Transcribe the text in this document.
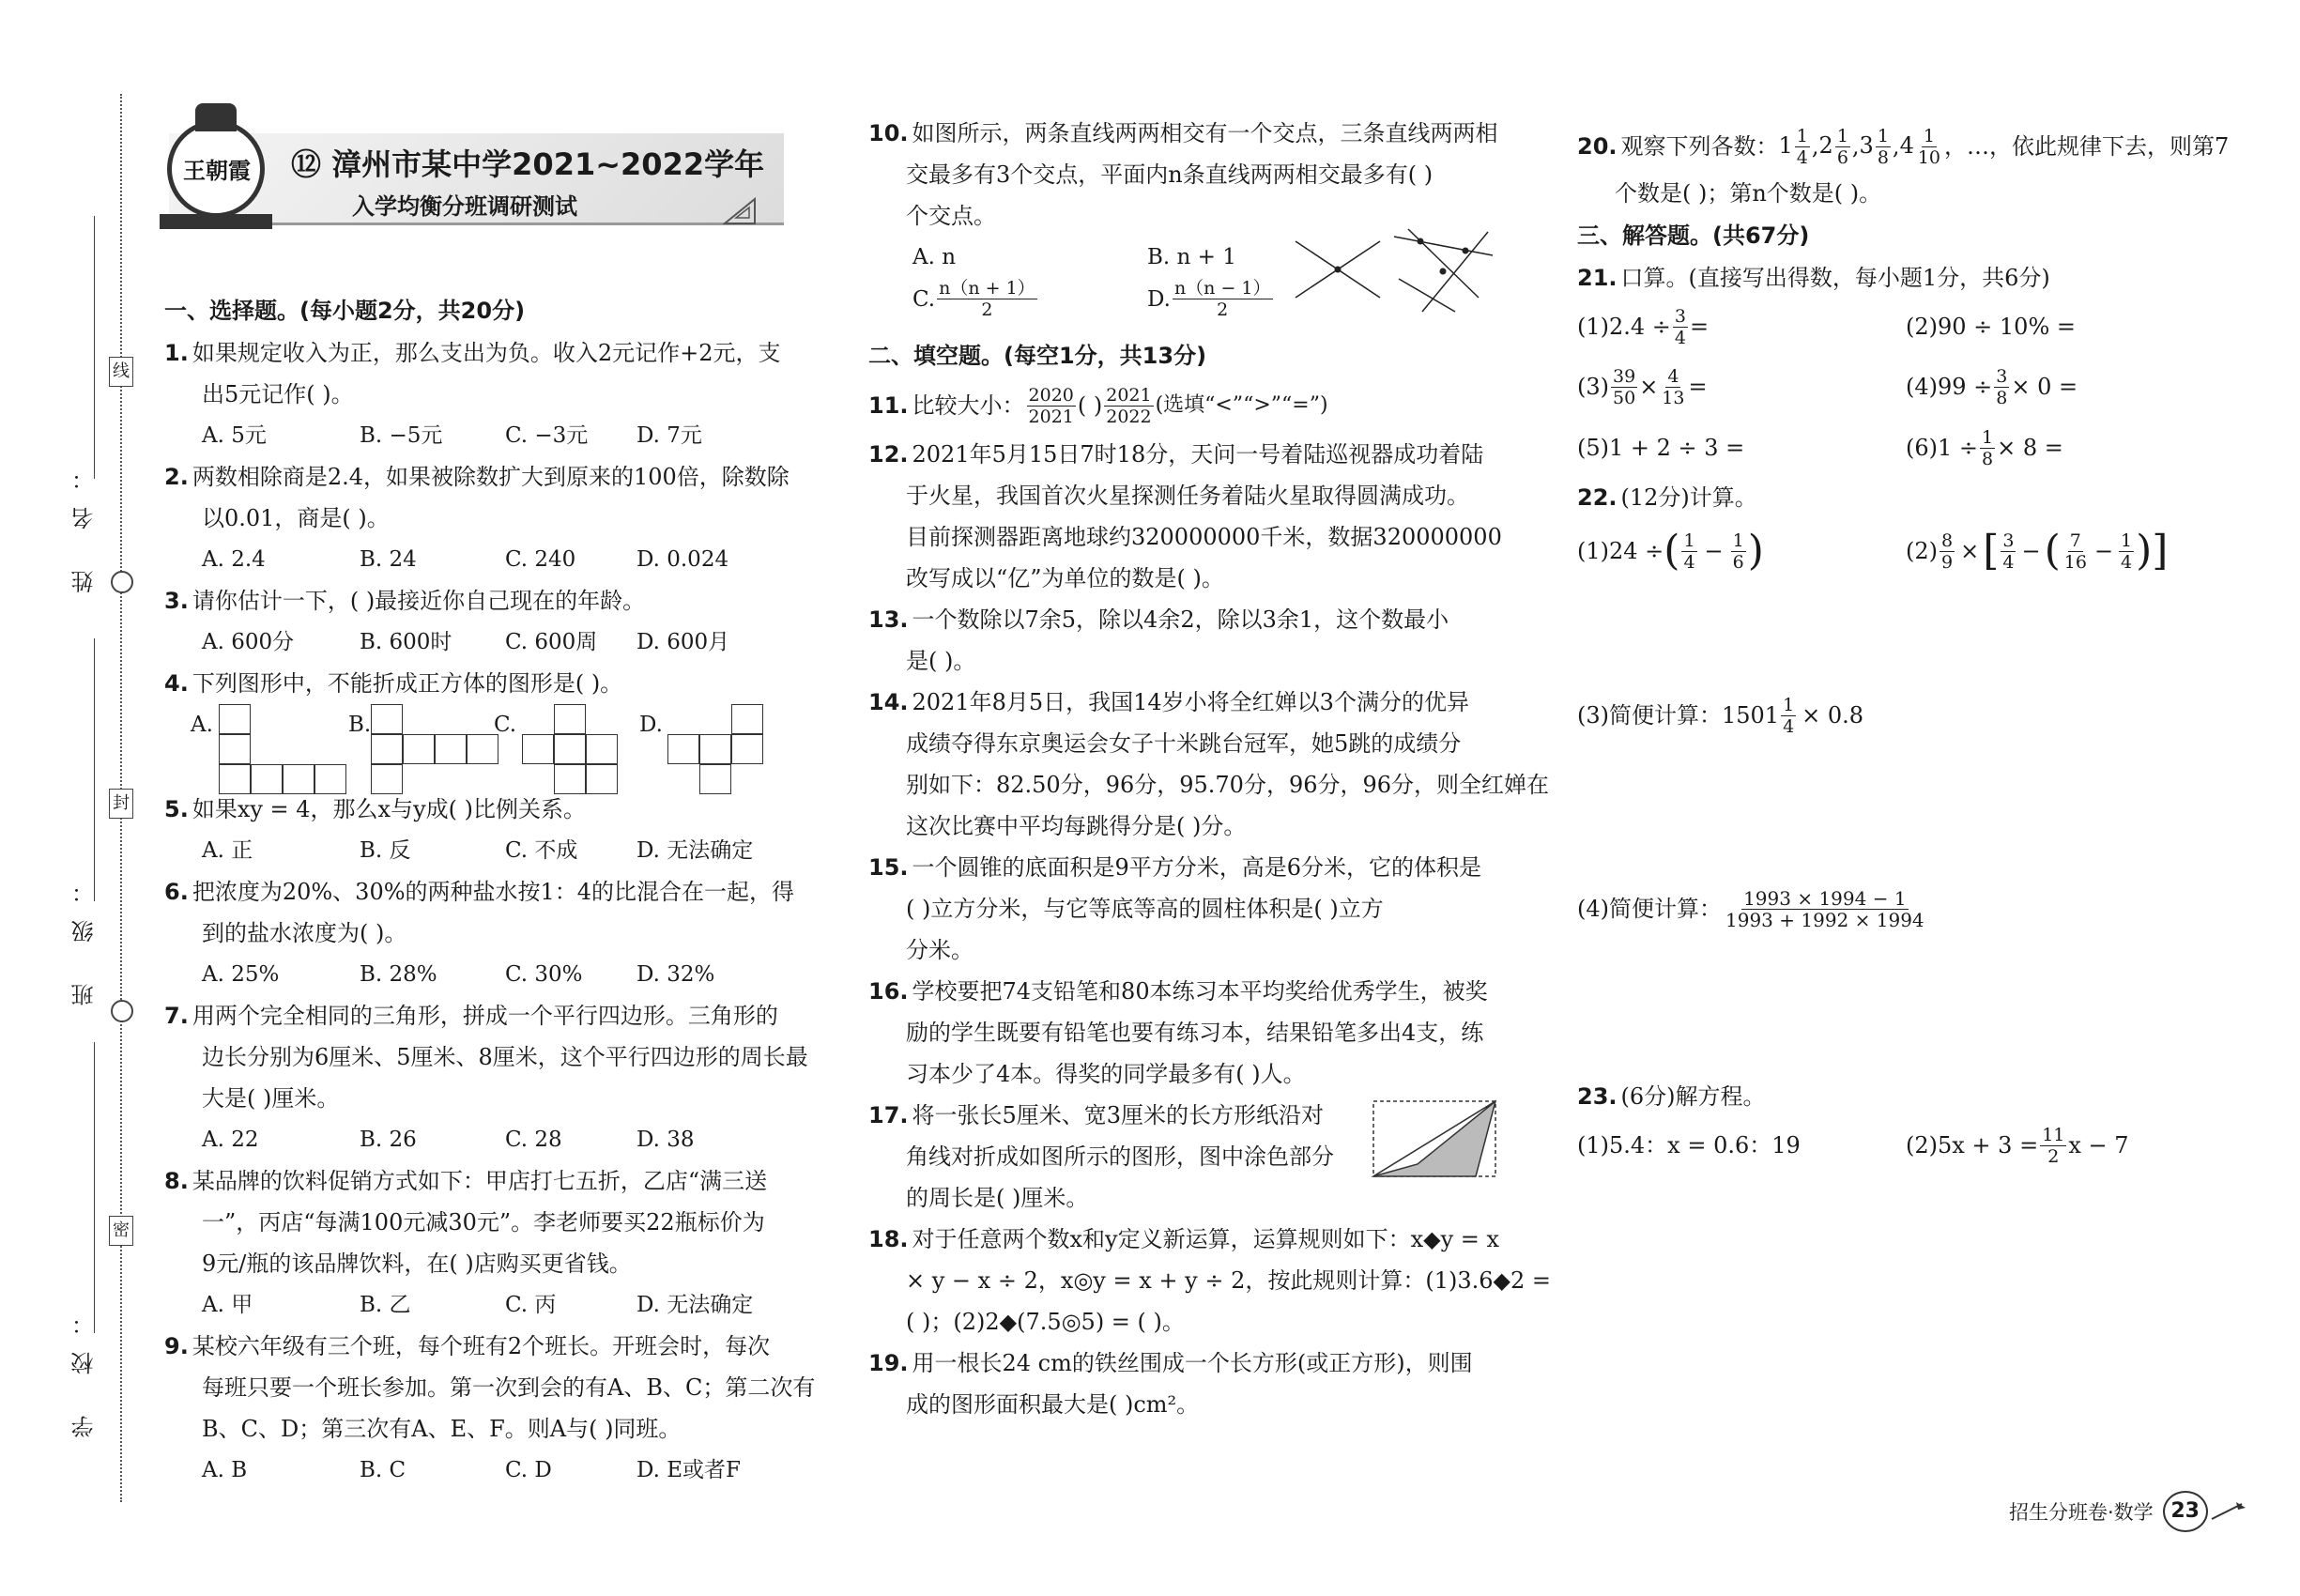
姓 名：
班 级：
学 校：
线
封
密
王朝霞 ⑫ 漳州市某中学2021~2022学年
入学均衡分班调研测试
一、选择题。(每小题2分，共20分)
1. 如果规定收入为正，那么支出为负。收入2元记作+2元，支
出5元记作( )。
A. 5元	B. −5元	C. −3元	D. 7元
2. 两数相除商是2.4，如果被除数扩大到原来的100倍，除数除
以0.01，商是( )。
A. 2.4	B. 24	C. 240	D. 0.024
3. 请你估计一下，( )最接近你自己现在的年龄。
A. 600分	B. 600时	C. 600周	D. 600月
4. 下列图形中，不能折成正方体的图形是( )。
A.	B.	C.	D.
5. 如果xy = 4，那么x与y成( )比例关系。
A. 正	B. 反	C. 不成	D. 无法确定
6. 把浓度为20%、30%的两种盐水按1：4的比混合在一起，得
到的盐水浓度为( )。
A. 25%	B. 28%	C. 30%	D. 32%
7. 用两个完全相同的三角形，拼成一个平行四边形。三角形的
边长分别为6厘米、5厘米、8厘米，这个平行四边形的周长最
大是( )厘米。
A. 22	B. 26	C. 28	D. 38
8. 某品牌的饮料促销方式如下：甲店打七五折，乙店“满三送
一”，丙店“每满100元减30元”。李老师要买22瓶标价为
9元/瓶的该品牌饮料，在( )店购买更省钱。
A. 甲	B. 乙	C. 丙	D. 无法确定
9. 某校六年级有三个班，每个班有2个班长。开班会时，每次
每班只要一个班长参加。第一次到会的有A、B、C；第二次有
B、C、D；第三次有A、E、F。则A与( )同班。
A. B	B. C	C. D	D. E或者F
10. 如图所示，两条直线两两相交有一个交点，三条直线两两相
交最多有3个交点，平面内n条直线两两相交最多有( )
个交点。
A. n	B. n + 1
C. $\frac{n(n + 1)}{2}$	D. $\frac{n(n - 1)}{2}$
二、填空题。(每空1分，共13分)
11. 比较大小： $\frac{2020}{2021}$ ( ) $\frac{2021}{2022}$ (选填“<”“>”“=”)
12. 2021年5月15日7时18分，天问一号着陆巡视器成功着陆
于火星，我国首次火星探测任务着陆火星取得圆满成功。
目前探测器距离地球约320000000千米，数据320000000
改写成以“亿”为单位的数是( )。
13. 一个数除以7余5，除以4余2，除以3余1，这个数最小
是( )。
14. 2021年8月5日，我国14岁小将全红婵以3个满分的优异
成绩夺得东京奥运会女子十米跳台冠军，她5跳的成绩分
别如下：82.50分，96分，95.70分，96分，96分，则全红婵在
这次比赛中平均每跳得分是( )分。
15. 一个圆锥的底面积是9平方分米，高是6分米，它的体积是
( )立方分米，与它等底等高的圆柱体积是( )立方
分米。
16. 学校要把74支铅笔和80本练习本平均奖给优秀学生，被奖
励的学生既要有铅笔也要有练习本，结果铅笔多出4支，练
习本少了4本。得奖的同学最多有( )人。
17. 将一张长5厘米、宽3厘米的长方形纸沿对
角线对折成如图所示的图形，图中涂色部分
的周长是( )厘米。
18. 对于任意两个数x和y定义新运算，运算规则如下：x◆y = x
× y − x ÷ 2，x◎y = x + y ÷ 2，按此规则计算：(1)3.6◆2 =
( )；(2)2◆(7.5◎5) = ( )。
19. 用一根长24 cm的铁丝围成一个长方形(或正方形)，则围
成的图形面积最大是( )cm²。
20. 观察下列各数： $1 \frac{1}{4}$ , $2 \frac{1}{6}$ , $3 \frac{1}{8}$ , $4 \frac{1}{10}$ ，…，依此规律下去，则第7
个数是( )；第n个数是( )。
三、解答题。(共67分)
21. 口算。(直接写出得数，每小题1分，共6分)
$(1)2.4 \div \frac{3}{4}$ =	(2)90 ÷ 10% =
$(3) \frac{39}{50} \times \frac{4}{13}$ =	$(4)99 \div \frac{3}{8} \times 0$ =
(5)1 + 2 ÷ 3 =	$(6)1 \div \frac{1}{8} \times 8$ =
22. (12分)计算。
(1)24 ÷ ( $\frac{1}{4} - \frac{1}{6}$ )	$(2) \frac{8}{9}$ × [ $\frac{3}{4}$ − ( $\frac{7}{16} - \frac{1}{4}$ )]
(3)简便计算：$1501 \frac{1}{4} \times 0.8$
(4)简便计算： $\frac{1993 \times 1994 - 1}{1993 + 1992 \times 1994}$
23. (6分)解方程。
(1)5.4：x = 0.6：19	$(2)5x + 3 = \frac{11}{2}$ x − 7
招生分班卷·数学 23
